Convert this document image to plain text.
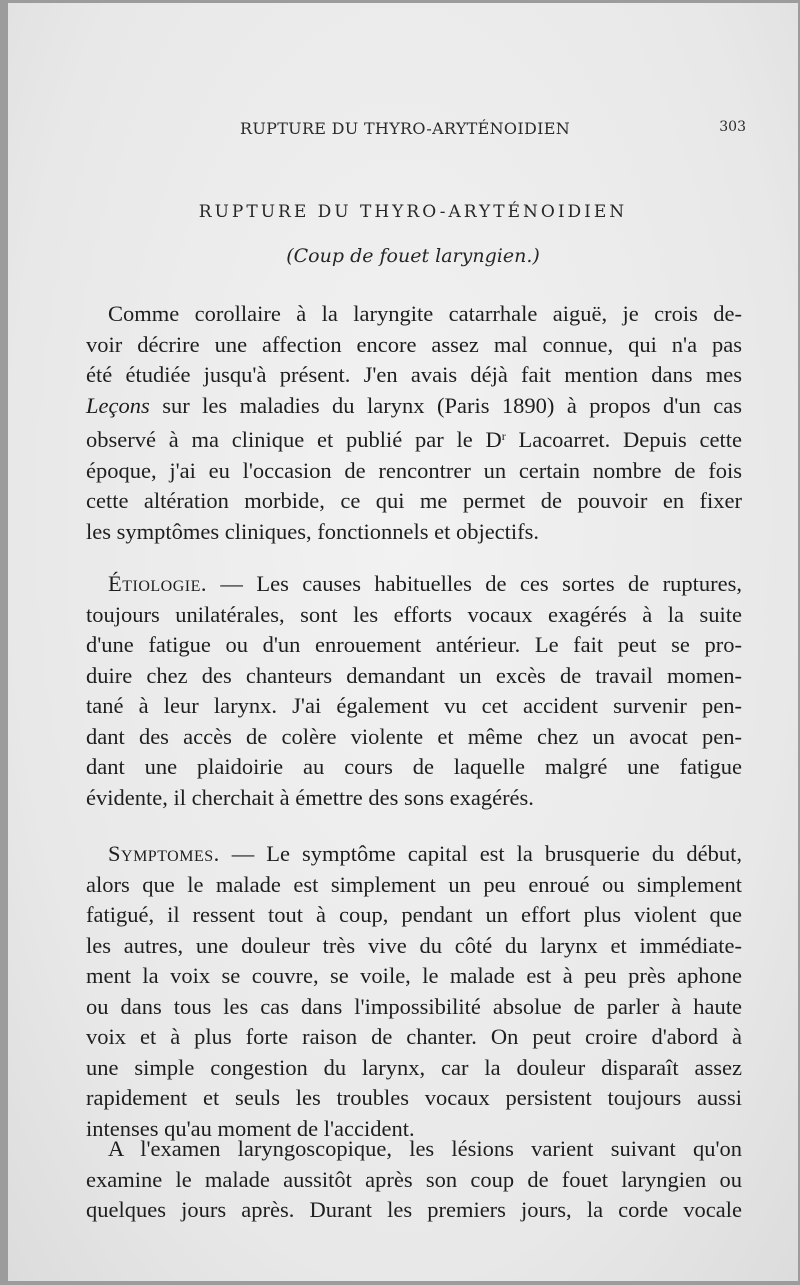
RUPTURE DU THYRO-ARYTÉNOIDIEN	303
RUPTURE DU THYRO-ARYTÉNOIDIEN
(Coup de fouet laryngien.)
Comme corollaire à la laryngite catarrhale aiguë, je crois de-
voir décrire une affection encore assez mal connue, qui n'a pas
été étudiée jusqu'à présent. J'en avais déjà fait mention dans mes
Leçons sur les maladies du larynx (Paris 1890) à propos d'un cas
observé à ma clinique et publié par le $D^r$ Lacoarret. Depuis cette
époque, j'ai eu l'occasion de rencontrer un certain nombre de fois
cette altération morbide, ce qui me permet de pouvoir en fixer
les symptômes cliniques, fonctionnels et objectifs.
Étiologie. — Les causes habituelles de ces sortes de ruptures,
toujours unilatérales, sont les efforts vocaux exagérés à la suite
d'une fatigue ou d'un enrouement antérieur. Le fait peut se pro-
duire chez des chanteurs demandant un excès de travail momen-
tané à leur larynx. J'ai également vu cet accident survenir pen-
dant des accès de colère violente et même chez un avocat pen-
dant une plaidoirie au cours de laquelle malgré une fatigue
évidente, il cherchait à émettre des sons exagérés.
Symptomes. — Le symptôme capital est la brusquerie du début,
alors que le malade est simplement un peu enroué ou simplement
fatigué, il ressent tout à coup, pendant un effort plus violent que
les autres, une douleur très vive du côté du larynx et immédiate-
ment la voix se couvre, se voile, le malade est à peu près aphone
ou dans tous les cas dans l'impossibilité absolue de parler à haute
voix et à plus forte raison de chanter. On peut croire d'abord à
une simple congestion du larynx, car la douleur disparaît assez
rapidement et seuls les troubles vocaux persistent toujours aussi
intenses qu'au moment de l'accident.
A l'examen laryngoscopique, les lésions varient suivant qu'on
examine le malade aussitôt après son coup de fouet laryngien ou
quelques jours après. Durant les premiers jours, la corde vocale
